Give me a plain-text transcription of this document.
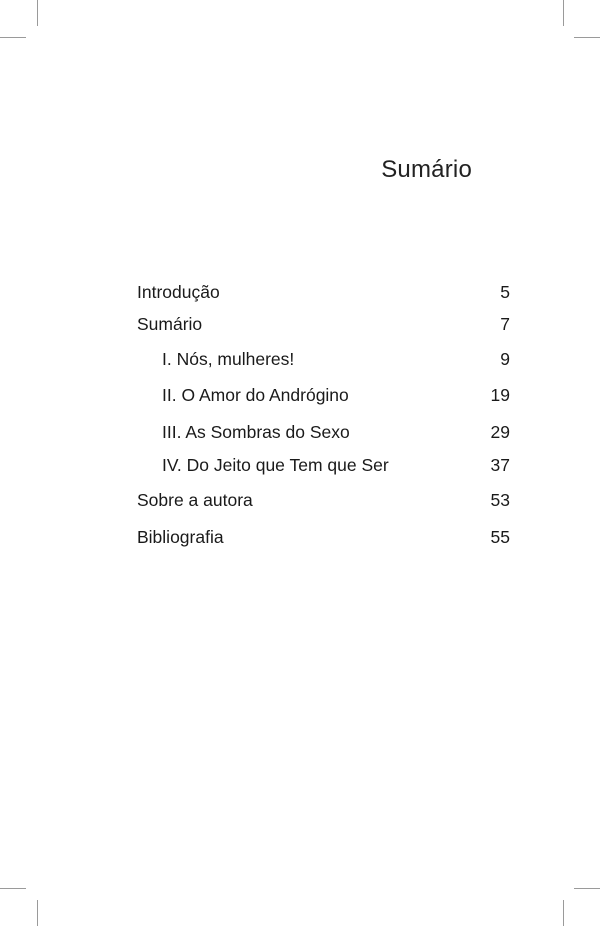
Sumário
Introdução	5
Sumário	7
I. Nós, mulheres!	9
II. O Amor do Andrógino	19
III. As Sombras do Sexo	29
IV. Do Jeito que Tem que Ser	37
Sobre a autora	53
Bibliografia	55
